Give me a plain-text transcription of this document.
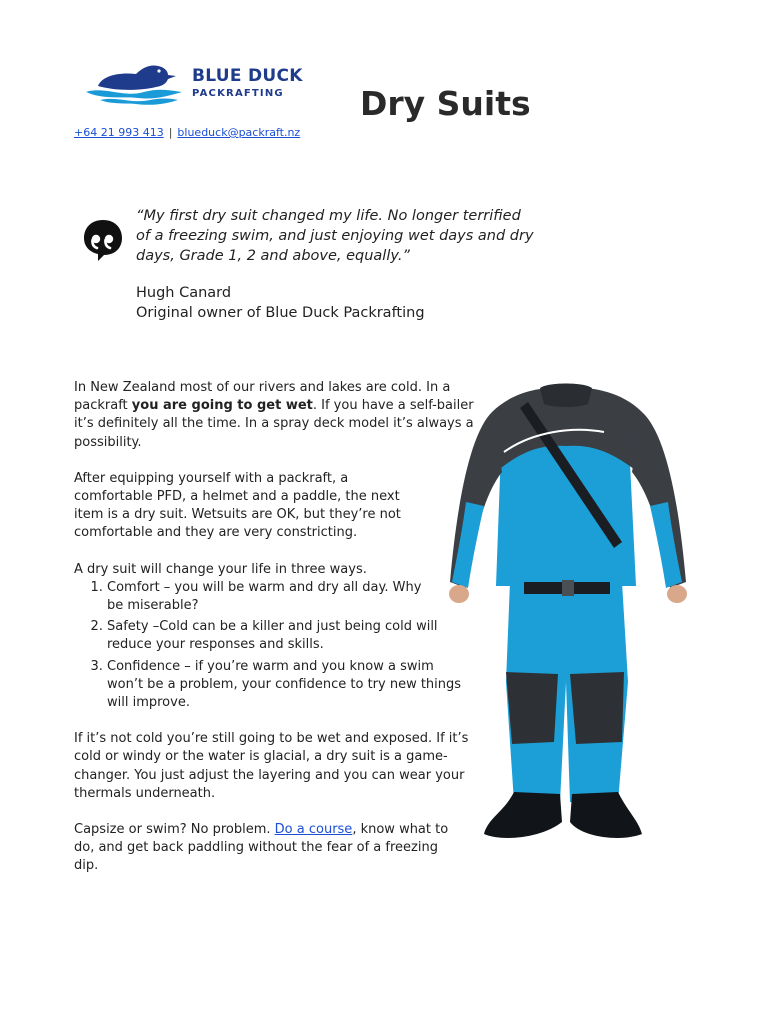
BLUE DUCK
PACKRAFTING Dry Suits
+64 21 993 413 | blueduck@packraft.nz

“My first dry suit changed my life. No longer terrified of a freezing swim, and just enjoying wet days and dry days, Grade 1, 2 and above, equally.”

Hugh Canard

Original owner of Blue Duck Packrafting

In New Zealand most of our rivers and lakes are cold. In a packraft you are going to get wet. If you have a self-bailer it’s definitely all the time. In a spray deck model it’s always a possibility.

After equipping yourself with a packraft, a comfortable PFD, a helmet and a paddle, the next item is a dry suit. Wetsuits are OK, but they’re not comfortable and they are very constricting.

A dry suit will change your life in three ways.
1. Comfort – you will be warm and dry all day. Why be miserable?
2. Safety –Cold can be a killer and just being cold will reduce your responses and skills.
3. Confidence – if you’re warm and you know a swim won’t be a problem, your confidence to try new things will improve.

If it’s not cold you’re still going to be wet and exposed. If it’s cold or windy or the water is glacial, a dry suit is a game-changer. You just adjust the layering and you can wear your thermals underneath.

Capsize or swim? No problem. Do a course, know what to do, and get back paddling without the fear of a freezing dip.
